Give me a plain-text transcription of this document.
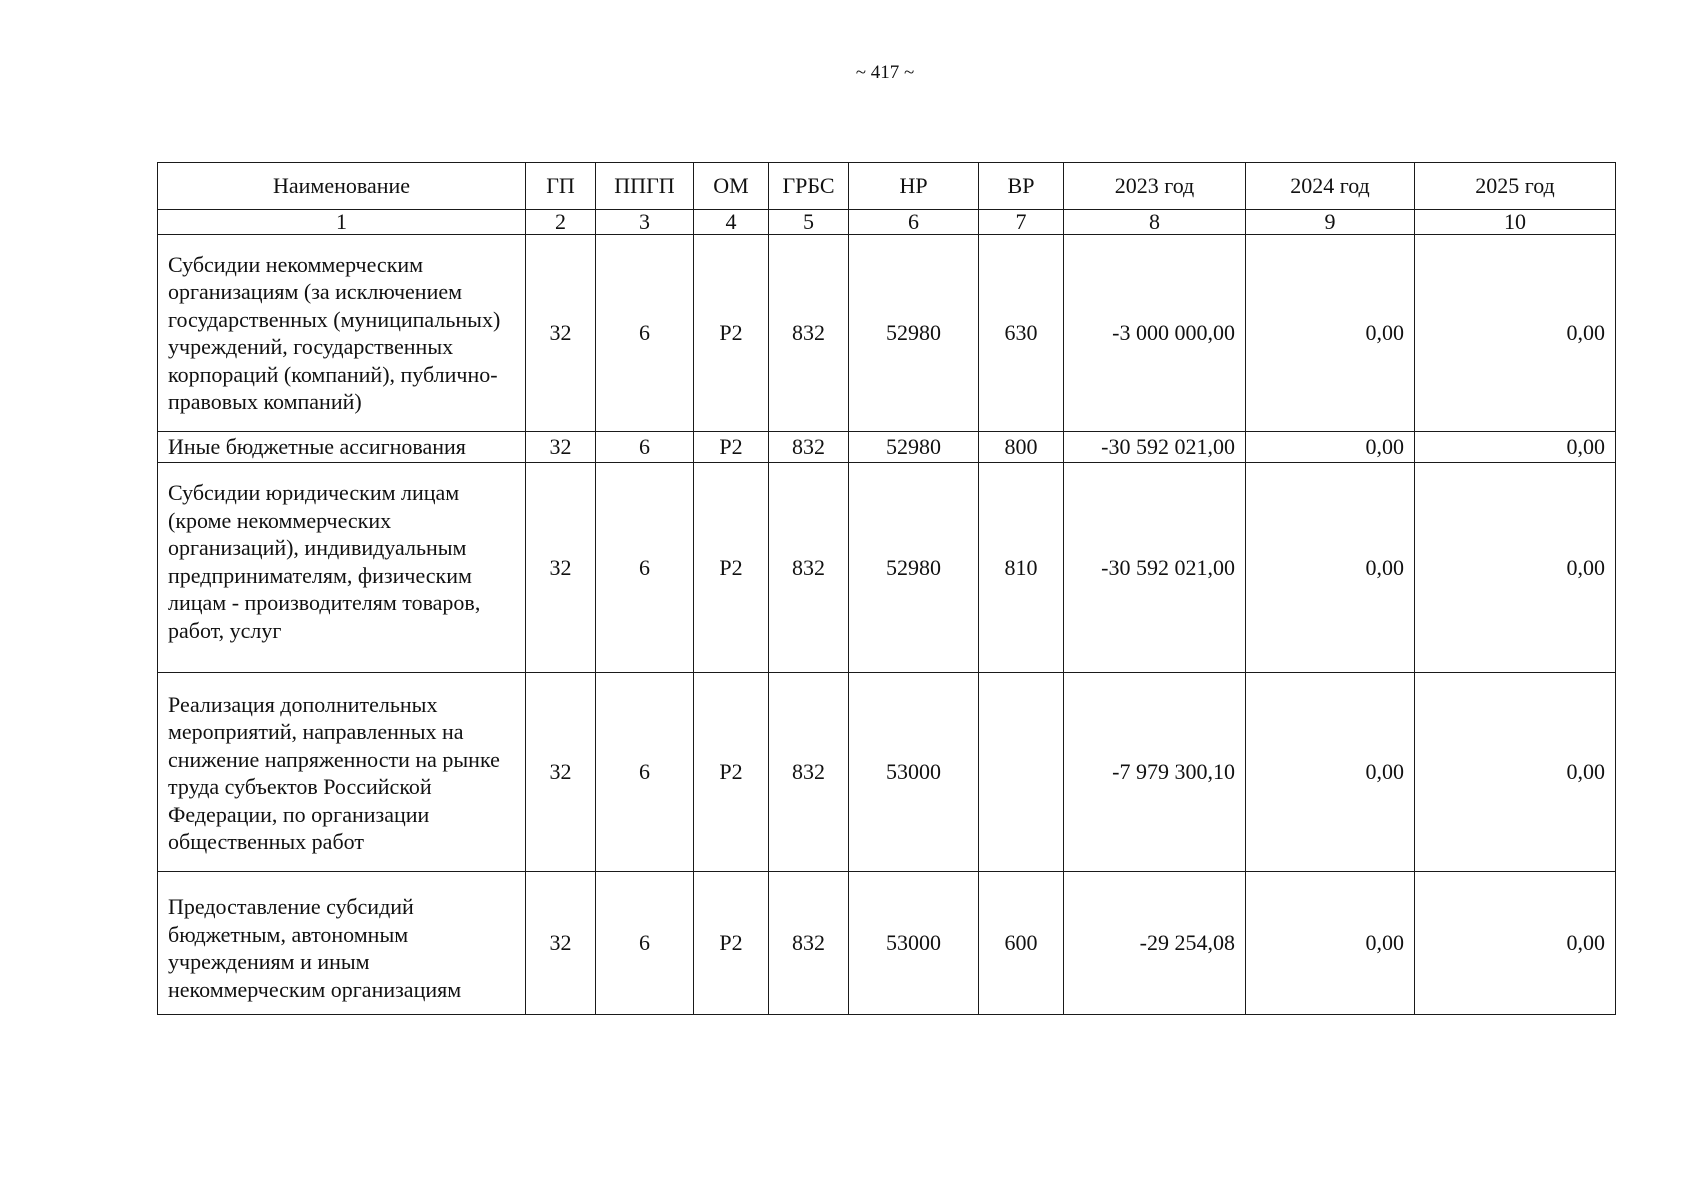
~ 417 ~
Наименование	ГП	ППГП	ОМ	ГРБС	НР	ВР	2023 год	2024 год	2025 год
1	2	3	4	5	6	7	8	9	10
Субсидии некоммерческим организациям (за исключением государственных (муниципальных) учреждений, государственных корпораций (компаний), публично-правовых компаний)	32	6	Р2	832	52980	630	-3 000 000,00	0,00	0,00
Иные бюджетные ассигнования	32	6	Р2	832	52980	800	-30 592 021,00	0,00	0,00
Субсидии юридическим лицам (кроме некоммерческих организаций), индивидуальным предпринимателям, физическим лицам - производителям товаров, работ, услуг	32	6	Р2	832	52980	810	-30 592 021,00	0,00	0,00
Реализация дополнительных мероприятий, направленных на снижение напряженности на рынке труда субъектов Российской Федерации, по организации общественных работ	32	6	Р2	832	53000		-7 979 300,10	0,00	0,00
Предоставление субсидий бюджетным, автономным учреждениям и иным некоммерческим организациям	32	6	Р2	832	53000	600	-29 254,08	0,00	0,00
